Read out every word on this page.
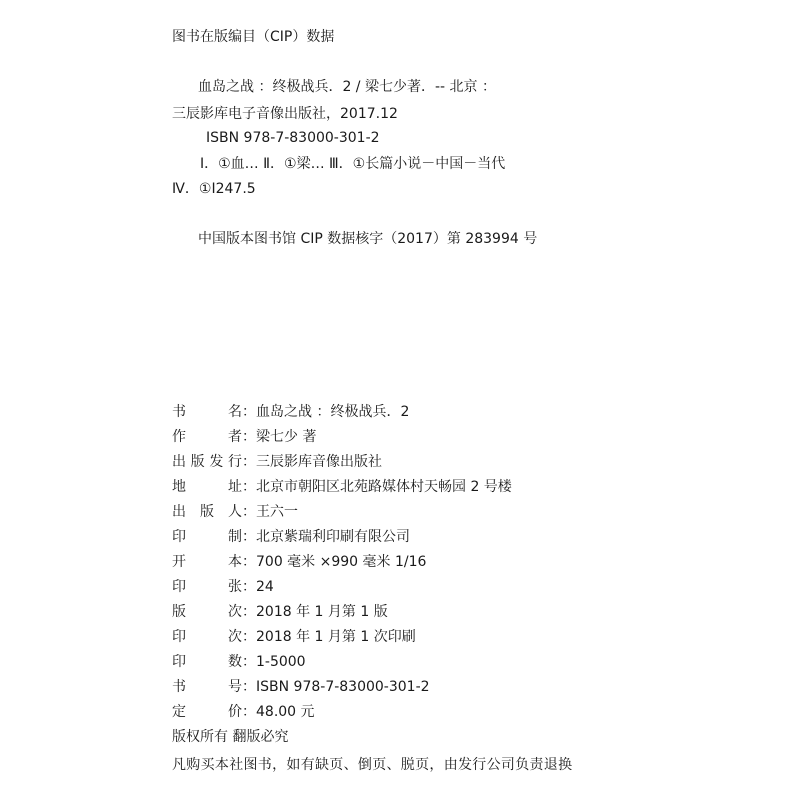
图书在版编目（CIP）数据
血岛之战 ：终极战兵．2 / 梁七少著．-- 北京 ：
三辰影库电子音像出版社，2017.12
ISBN 978-7-83000-301-2
Ⅰ．①血… Ⅱ．①梁… Ⅲ．①长篇小说－中国－当代
Ⅳ．①I247.5
中国版本图书馆 CIP 数据核字（2017）第 283994 号
书 名 ： 血岛之战 ：终极战兵．2
作 者 ： 梁七少 著
出版发行 ： 三辰影库音像出版社
地 址 ： 北京市朝阳区北苑路媒体村天畅园 2 号楼
出 版 人 ： 王六一
印 制 ： 北京紫瑞利印刷有限公司
开 本 ： 700 毫米 ×990 毫米 1/16
印 张 ： 24
版 次 ： 2018 年 1 月第 1 版
印 次 ： 2018 年 1 月第 1 次印刷
印 数 ： 1-5000
书 号 ： ISBN 978-7-83000-301-2
定 价 ： 48.00 元
版权所有 翻版必究
凡购买本社图书，如有缺页、倒页、脱页，由发行公司负责退换
